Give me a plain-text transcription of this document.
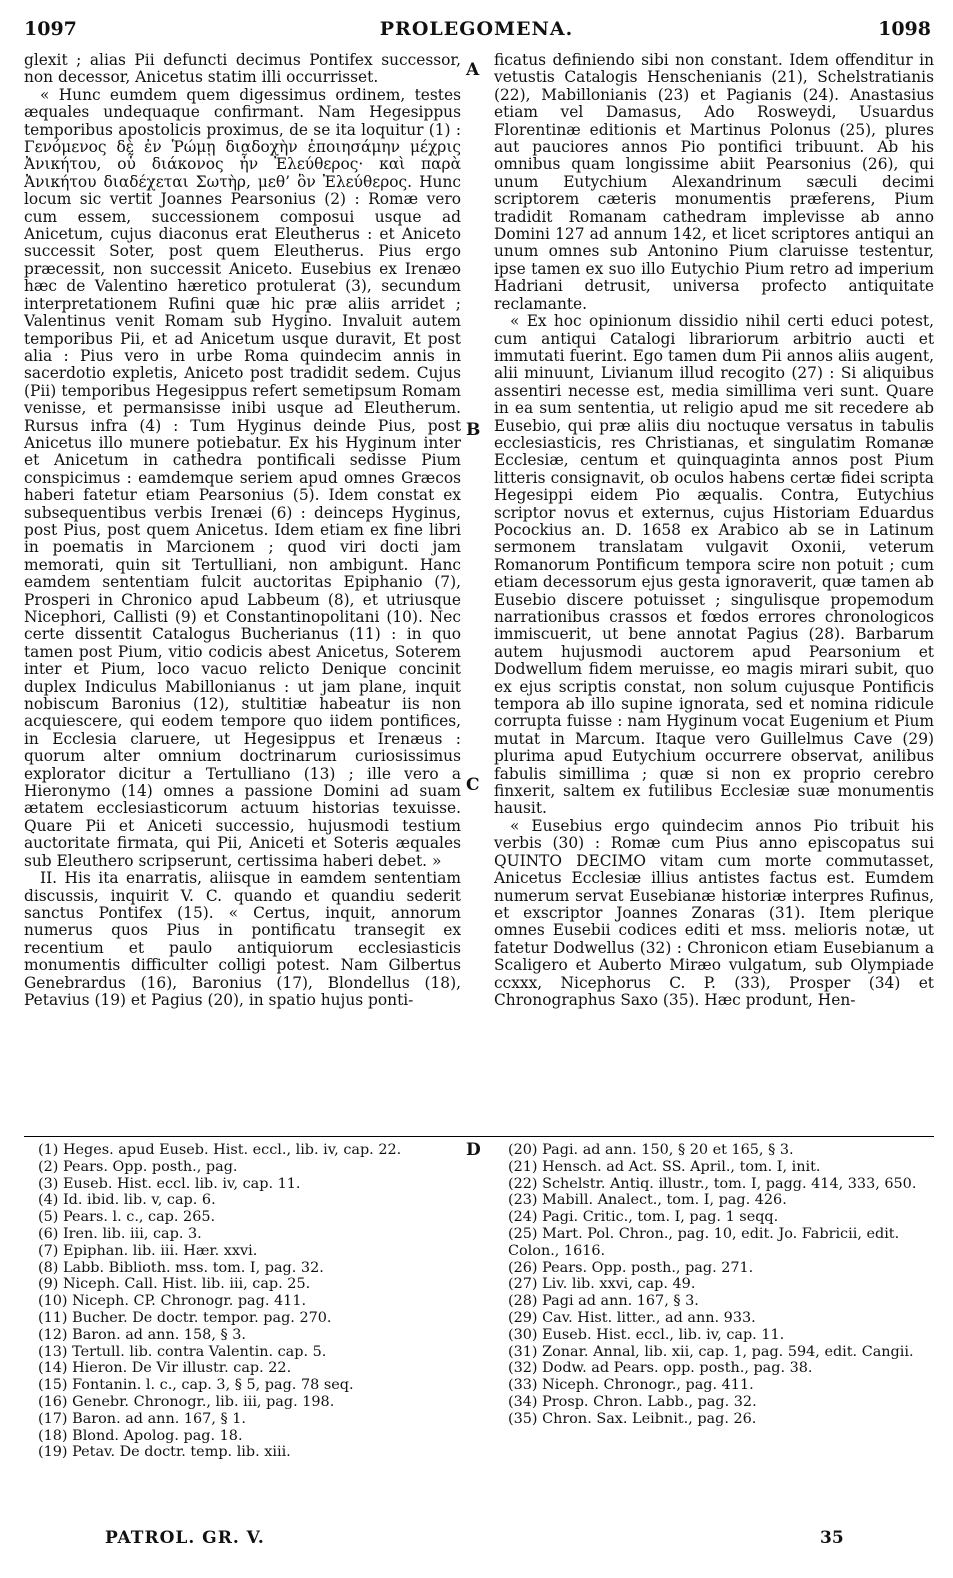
1097	PROLEGOMENA.	1098
A
B
C
D

glexit ; alias Pii defuncti decimus Pontifex successor, non decessor, Anicetus statim illi occurrisset.

« Hunc eumdem quem digessimus ordinem, testes æquales undequaque confirmant. Nam Hegesippus temporibus apostolicis proximus, de se ita loquitur (1) : Γενόμενος δὲ ἐν Ῥώμῃ διαδοχὴν ἐποιησάμην μέχρις Ἀνικήτου, οὗ διάκονος ἦν Ἐλεύθερος· καὶ παρὰ Ἀνικήτου διαδέχεται Σωτὴρ, μεθ’ ὃν Ἐλεύθερος. Hunc locum sic vertit Joannes Pearsonius (2) : Romæ vero cum essem, successionem composui usque ad Anicetum, cujus diaconus erat Eleutherus : et Aniceto successit Soter, post quem Eleutherus. Pius ergo præcessit, non successit Aniceto. Eusebius ex Irenæo hæc de Valentino hæretico protulerat (3), secundum interpretationem Rufini quæ hic præ aliis arridet ; Valentinus venit Romam sub Hygino. Invaluit autem temporibus Pii, et ad Anicetum usque duravit, Et post alia : Pius vero in urbe Roma quindecim annis in sacerdotio expletis, Aniceto post tradidit sedem. Cujus (Pii) temporibus Hegesippus refert semetipsum Romam venisse, et permansisse inibi usque ad Eleutherum. Rursus infra (4) : Tum Hyginus deinde Pius, post Anicetus illo munere potiebatur. Ex his Hyginum inter et Anicetum in cathedra pontificali sedisse Pium conspicimus : eamdemque seriem apud omnes Græcos haberi fatetur etiam Pearsonius (5). Idem constat ex subsequentibus verbis Irenæi (6) : deinceps Hyginus, post Pius, post quem Anicetus. Idem etiam ex fine libri in poematis in Marcionem ; quod viri docti jam memorati, quin sit Tertulliani, non ambigunt. Hanc eamdem sententiam fulcit auctoritas Epiphanio (7), Prosperi in Chronico apud Labbeum (8), et utriusque Nicephori, Callisti (9) et Constantinopolitani (10). Nec certe dissentit Catalogus Bucherianus (11) : in quo tamen post Pium, vitio codicis abest Anicetus, Soterem inter et Pium, loco vacuo relicto Denique concinit duplex Indiculus Mabillonianus : ut jam plane, inquit nobiscum Baronius (12), stultitiæ habeatur iis non acquiescere, qui eodem tempore quo iidem pontifices, in Ecclesia claruere, ut Hegesippus et Irenæus : quorum alter omnium doctrinarum curiosissimus explorator dicitur a Tertulliano (13) ; ille vero a Hieronymo (14) omnes a passione Domini ad suam ætatem ecclesiasticorum actuum historias texuisse. Quare Pii et Aniceti successio, hujusmodi testium auctoritate firmata, qui Pii, Aniceti et Soteris æquales sub Eleuthero scripserunt, certissima haberi debet. »

II. His ita enarratis, aliisque in eamdem sententiam discussis, inquirit V. C. quando et quandiu sederit sanctus Pontifex (15). « Certus, inquit, annorum numerus quos Pius in pontificatu transegit ex recentium et paulo antiquiorum ecclesiasticis monumentis difficulter colligi potest. Nam Gilbertus Genebrardus (16), Baronius (17), Blondellus (18), Petavius (19) et Pagius (20), in spatio hujus ponti-

ficatus definiendo sibi non constant. Idem offenditur in vetustis Catalogis Henschenianis (21), Schelstratianis (22), Mabillonianis (23) et Pagianis (24). Anastasius etiam vel Damasus, Ado Rosweydi, Usuardus Florentinæ editionis et Martinus Polonus (25), plures aut pauciores annos Pio pontifici tribuunt. Ab his omnibus quam longissime abiit Pearsonius (26), qui unum Eutychium Alexandrinum sæculi decimi scriptorem cæteris monumentis præferens, Pium tradidit Romanam cathedram implevisse ab anno Domini 127 ad annum 142, et licet scriptores antiqui an unum omnes sub Antonino Pium claruisse testentur, ipse tamen ex suo illo Eutychio Pium retro ad imperium Hadriani detrusit, universa profecto antiquitate reclamante.

« Ex hoc opinionum dissidio nihil certi educi potest, cum antiqui Catalogi librariorum arbitrio aucti et immutati fuerint. Ego tamen dum Pii annos aliis augent, alii minuunt, Livianum illud recogito (27) : Si aliquibus assentiri necesse est, media simillima veri sunt. Quare in ea sum sententia, ut religio apud me sit recedere ab Eusebio, qui præ aliis diu noctuque versatus in tabulis ecclesiasticis, res Christianas, et singulatim Romanæ Ecclesiæ, centum et quinquaginta annos post Pium litteris consignavit, ob oculos habens certæ fidei scripta Hegesippi eidem Pio æqualis. Contra, Eutychius scriptor novus et externus, cujus Historiam Eduardus Pocockius an. D. 1658 ex Arabico ab se in Latinum sermonem translatam vulgavit Oxonii, veterum Romanorum Pontificum tempora scire non potuit ; cum etiam decessorum ejus gesta ignoraverit, quæ tamen ab Eusebio discere potuisset ; singulisque propemodum narrationibus crassos et fœdos errores chronologicos immiscuerit, ut bene annotat Pagius (28). Barbarum autem hujusmodi auctorem apud Pearsonium et Dodwellum fidem meruisse, eo magis mirari subit, quo ex ejus scriptis constat, non solum cujusque Pontificis tempora ab illo supine ignorata, sed et nomina ridicule corrupta fuisse : nam Hyginum vocat Eugenium et Pium mutat in Marcum. Itaque vero Guillelmus Cave (29) plurima apud Eutychium occurrere observat, anilibus fabulis simillima ; quæ si non ex proprio cerebro finxerit, saltem ex futilibus Ecclesiæ suæ monumentis hausit.

« Eusebius ergo quindecim annos Pio tribuit his verbis (30) : Romæ cum Pius anno episcopatus sui QUINTO DECIMO vitam cum morte commutasset, Anicetus Ecclesiæ illius antistes factus est. Eumdem numerum servat Eusebianæ historiæ interpres Rufinus, et exscriptor Joannes Zonaras (31). Item plerique omnes Eusebii codices editi et mss. melioris notæ, ut fatetur Dodwellus (32) : Chronicon etiam Eusebianum a Scaligero et Auberto Miræo vulgatum, sub Olympiade ccxxx, Nicephorus C. P. (33), Prosper (34) et Chronographus Saxo (35). Hæc produnt, Hen-

(1) Heges. apud Euseb. Hist. eccl., lib. iv, cap. 22.
(2) Pears. Opp. posth., pag.
(3) Euseb. Hist. eccl. lib. iv, cap. 11.
(4) Id. ibid. lib. v, cap. 6.
(5) Pears. l. c., cap. 265.
(6) Iren. lib. iii, cap. 3.
(7) Epiphan. lib. iii. Hær. xxvi.
(8) Labb. Biblioth. mss. tom. I, pag. 32.
(9) Niceph. Call. Hist. lib. iii, cap. 25.
(10) Niceph. CP. Chronogr. pag. 411.
(11) Bucher. De doctr. tempor. pag. 270.
(12) Baron. ad ann. 158, § 3.
(13) Tertull. lib. contra Valentin. cap. 5.
(14) Hieron. De Vir illustr. cap. 22.
(15) Fontanin. l. c., cap. 3, § 5, pag. 78 seq.
(16) Genebr. Chronogr., lib. iii, pag. 198.
(17) Baron. ad ann. 167, § 1.
(18) Blond. Apolog. pag. 18.
(19) Petav. De doctr. temp. lib. xiii.
(20) Pagi. ad ann. 150, § 20 et 165, § 3.
(21) Hensch. ad Act. SS. April., tom. I, init.
(22) Schelstr. Antiq. illustr., tom. I, pagg. 414, 333, 650.
(23) Mabill. Analect., tom. I, pag. 426.
(24) Pagi. Critic., tom. I, pag. 1 seqq.
(25) Mart. Pol. Chron., pag. 10, edit. Jo. Fabricii, edit. Colon., 1616.
(26) Pears. Opp. posth., pag. 271.
(27) Liv. lib. xxvi, cap. 49.
(28) Pagi ad ann. 167, § 3.
(29) Cav. Hist. litter., ad ann. 933.
(30) Euseb. Hist. eccl., lib. iv, cap. 11.
(31) Zonar. Annal, lib. xii, cap. 1, pag. 594, edit. Cangii.
(32) Dodw. ad Pears. opp. posth., pag. 38.
(33) Niceph. Chronogr., pag. 411.
(34) Prosp. Chron. Labb., pag. 32.
(35) Chron. Sax. Leibnit., pag. 26.
PATROL. GR. V.	35
